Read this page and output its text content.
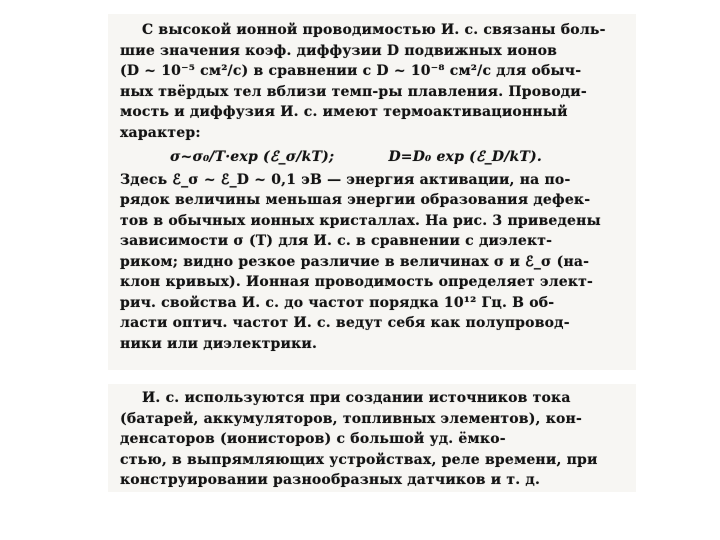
С высокой ионной проводимостью И. с. связаны боль-
шие значения коэф. диффузии D подвижных ионов
(D ~ 10⁻⁵ см²/с) в сравнении с D ~ 10⁻⁸ см²/с для обыч-
ных твёрдых тел вблизи темп-ры плавления. Проводи-
мость и диффузия И. с. имеют термоактивационный
характер:
σ~σ₀/T·exp (ℰ_σ/kT);	D=D₀ exp (ℰ_D/kT).
Здесь ℰ_σ ~ ℰ_D ~ 0,1 эВ — энергия активации, на по-
рядок величины меньшая энергии образования дефек-
тов в обычных ионных кристаллах. На рис. 3 приведены
зависимости σ (T) для И. с. в сравнении с диэлект-
риком; видно резкое различие в величинах σ и ℰ_σ (на-
клон кривых). Ионная проводимость определяет элект-
рич. свойства И. с. до частот порядка 10¹² Гц. В об-
ласти оптич. частот И. с. ведут себя как полупровод-
ники или диэлектрики.
И. с. используются при создании источников тока
(батарей, аккумуляторов, топливных элементов), кон-
денсаторов (ионисторов) с большой уд. ёмко-
стью, в выпрямляющих устройствах, реле времени, при
конструировании разнообразных датчиков и т. д.
